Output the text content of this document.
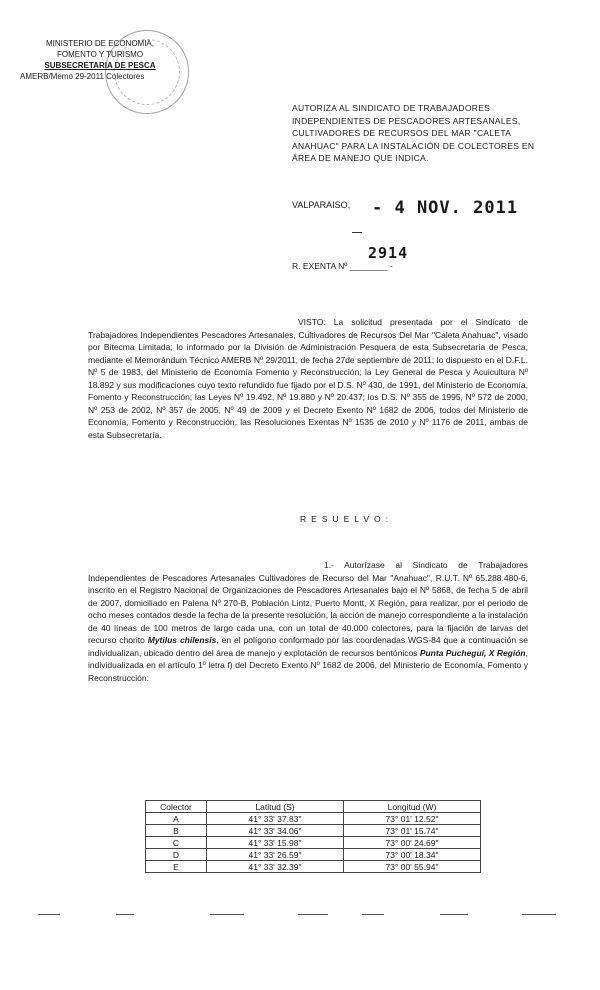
MINISTERIO DE ECONOMIA,
FOMENTO Y TURISMO
SUBSECRETARIA DE PESCA
AMERB/Memo 29-2011 Colectores
AUTORIZA AL SINDICATO DE TRABAJADORES INDEPENDIENTES DE PESCADORES ARTESANALES, CULTIVADORES DE RECURSOS DEL MAR "CALETA ANAHUAC" PARA LA INSTALACIÓN DE COLECTORES EN ÁREA DE MANEJO QUE INDICA.
VALPARAISO, - 4 NOV. 2011
2914
R. EXENTA Nº ________ -
VISTO: La solicitud presentada por el Sindicato de Trabajadores Independientes Pescadores Artesanales, Cultivadores de Recursos Del Mar "Caleta Anahuac", visado por Bitecma Limitada; lo informado por la División de Administración Pesquera de esta Subsecretaría de Pesca, mediante el Memorándum Técnico AMERB Nº 29/2011, de fecha 27de septiembre de 2011; lo dispuesto en el D.F.L. Nº 5 de 1983, del Ministerio de Economía Fomento y Reconstrucción; la Ley General de Pesca y Acuicultura Nº 18.892 y sus modificaciones cuyo texto refundido fue fijado por el D.S. Nº 430, de 1991, del Ministerio de Economía, Fomento y Reconstrucción; las Leyes Nº 19.492, Nº 19.880 y Nº 20.437; los D.S. Nº 355 de 1995, Nº 572 de 2000, Nº 253 de 2002, Nº 357 de 2005, Nº 49 de 2009 y el Decreto Exento Nº 1682 de 2006, todos del Ministerio de Economía, Fomento y Reconstrucción, las Resoluciones Exentas Nº 1535 de 2010 y Nº 1176 de 2011, ambas de esta Subsecretaría.
RESUELVO:
1.- Autorízase al Sindicato de Trabajadores Independientes de Pescadores Artesanales Cultivadores de Recurso del Mar "Anahuac", R.U.T. Nº 65.288.480-6, inscrito en el Registro Nacional de Organizaciones de Pescadores Artesanales bajo el Nº 5868, de fecha 5 de abril de 2007, domiciliado en Palena Nº 270-B, Población Lintz, Puerto Montt, X Región, para realizar, por el periodo de ocho meses contados desde la fecha de la presente resolución, la acción de manejo correspondiente a la instalación de 40 líneas de 100 metros de largo cada una, con un total de 40.000 colectores, para la fijación de larvas del recurso chorito Mytilus chilensis, en el polígono conformado por las coordenadas WGS-84 que a continuación se individualizan, ubicado dentro del área de manejo y explotación de recursos bentónicos Punta Pucheguí, X Región, individualizada en el artículo 1º letra f) del Decreto Exento Nº 1682 de 2006, del Ministerio de Economía, Fomento y Reconstrucción:
Colector	Latitud (S)	Longitud (W)
A	41° 33' 37.83"	73° 01' 12.52"
B	41° 33' 34.06"	73° 01' 15.74"
C	41° 33' 15.98"	73° 00' 24.69"
D	41° 33' 26.59"	73° 00' 18.34"
E	41° 33' 32.39"	73° 00' 55.94"
